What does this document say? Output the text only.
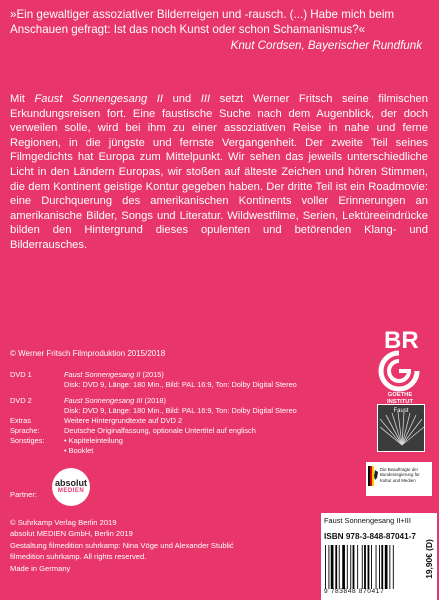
»Ein gewaltiger assoziativer Bilderreigen und -rausch. (...) Habe mich beim Anschauen gefragt: Ist das noch Kunst oder schon Schamanismus?«
Knut Cordsen, Bayerischer Rundfunk

Mit Faust Sonnengesang II und III setzt Werner Fritsch seine filmischen Erkundungsreisen fort. Eine faustische Suche nach dem Augenblick, der doch verweilen solle, wird bei ihm zu einer assoziativen Reise in nahe und ferne Regionen, in die jüngste und fernste Vergangenheit. Der zweite Teil seines Filmgedichts hat Europa zum Mittelpunkt. Wir sehen das jeweils unterschiedliche Licht in den Ländern Europas, wir stoßen auf älteste Zeichen und hören Stimmen, die dem Kontinent geistige Kontur gegeben haben. Der dritte Teil ist ein Roadmovie: eine Durchquerung des amerikanischen Kontinents voller Erinnerungen an amerikanische Bilder, Songs und Literatur. Wildwestfilme, Serien, Lektüreeindrücke bilden den Hintergrund dieses opulenten und betörenden Klang- und Bilderrausches.

© Werner Fritsch Filmproduktion 2015/2018
DVD 1	Faust Sonnengesang II (2015)
Disk: DVD 9, Länge: 180 Min., Bild: PAL 16:9, Ton: Dolby Digital Stereo
DVD 2	Faust Sonnengesang III (2018)
Disk: DVD 9, Länge: 180 Min., Bild: PAL 16:9, Ton: Dolby Digital Stereo
Extras	Weitere Hintergrundtexte auf DVD 2
Sprache:	Deutsche Originalfassung, optionale Untertitel auf englisch
Sonstiges:	• Kapiteleinteilung
• Booklet
Partner:
absolut
MEDIEN
© Suhrkamp Verlag Berlin 2019
absolut MEDIEN GmbH, Berlin 2019
Gestaltung filmedition suhrkamp: Nina Vöge und Alexander Stublić
filmedition suhrkamp. All rights reserved.
Made in Germany
BR
GOETHE
INSTITUT
Faust
Die Beauftragte der Bundesregierung für Kultur und Medien
Faust Sonnengesang II+III
ISBN 978-3-848-87041-7
9 783848 870417
19,90€ (D)
